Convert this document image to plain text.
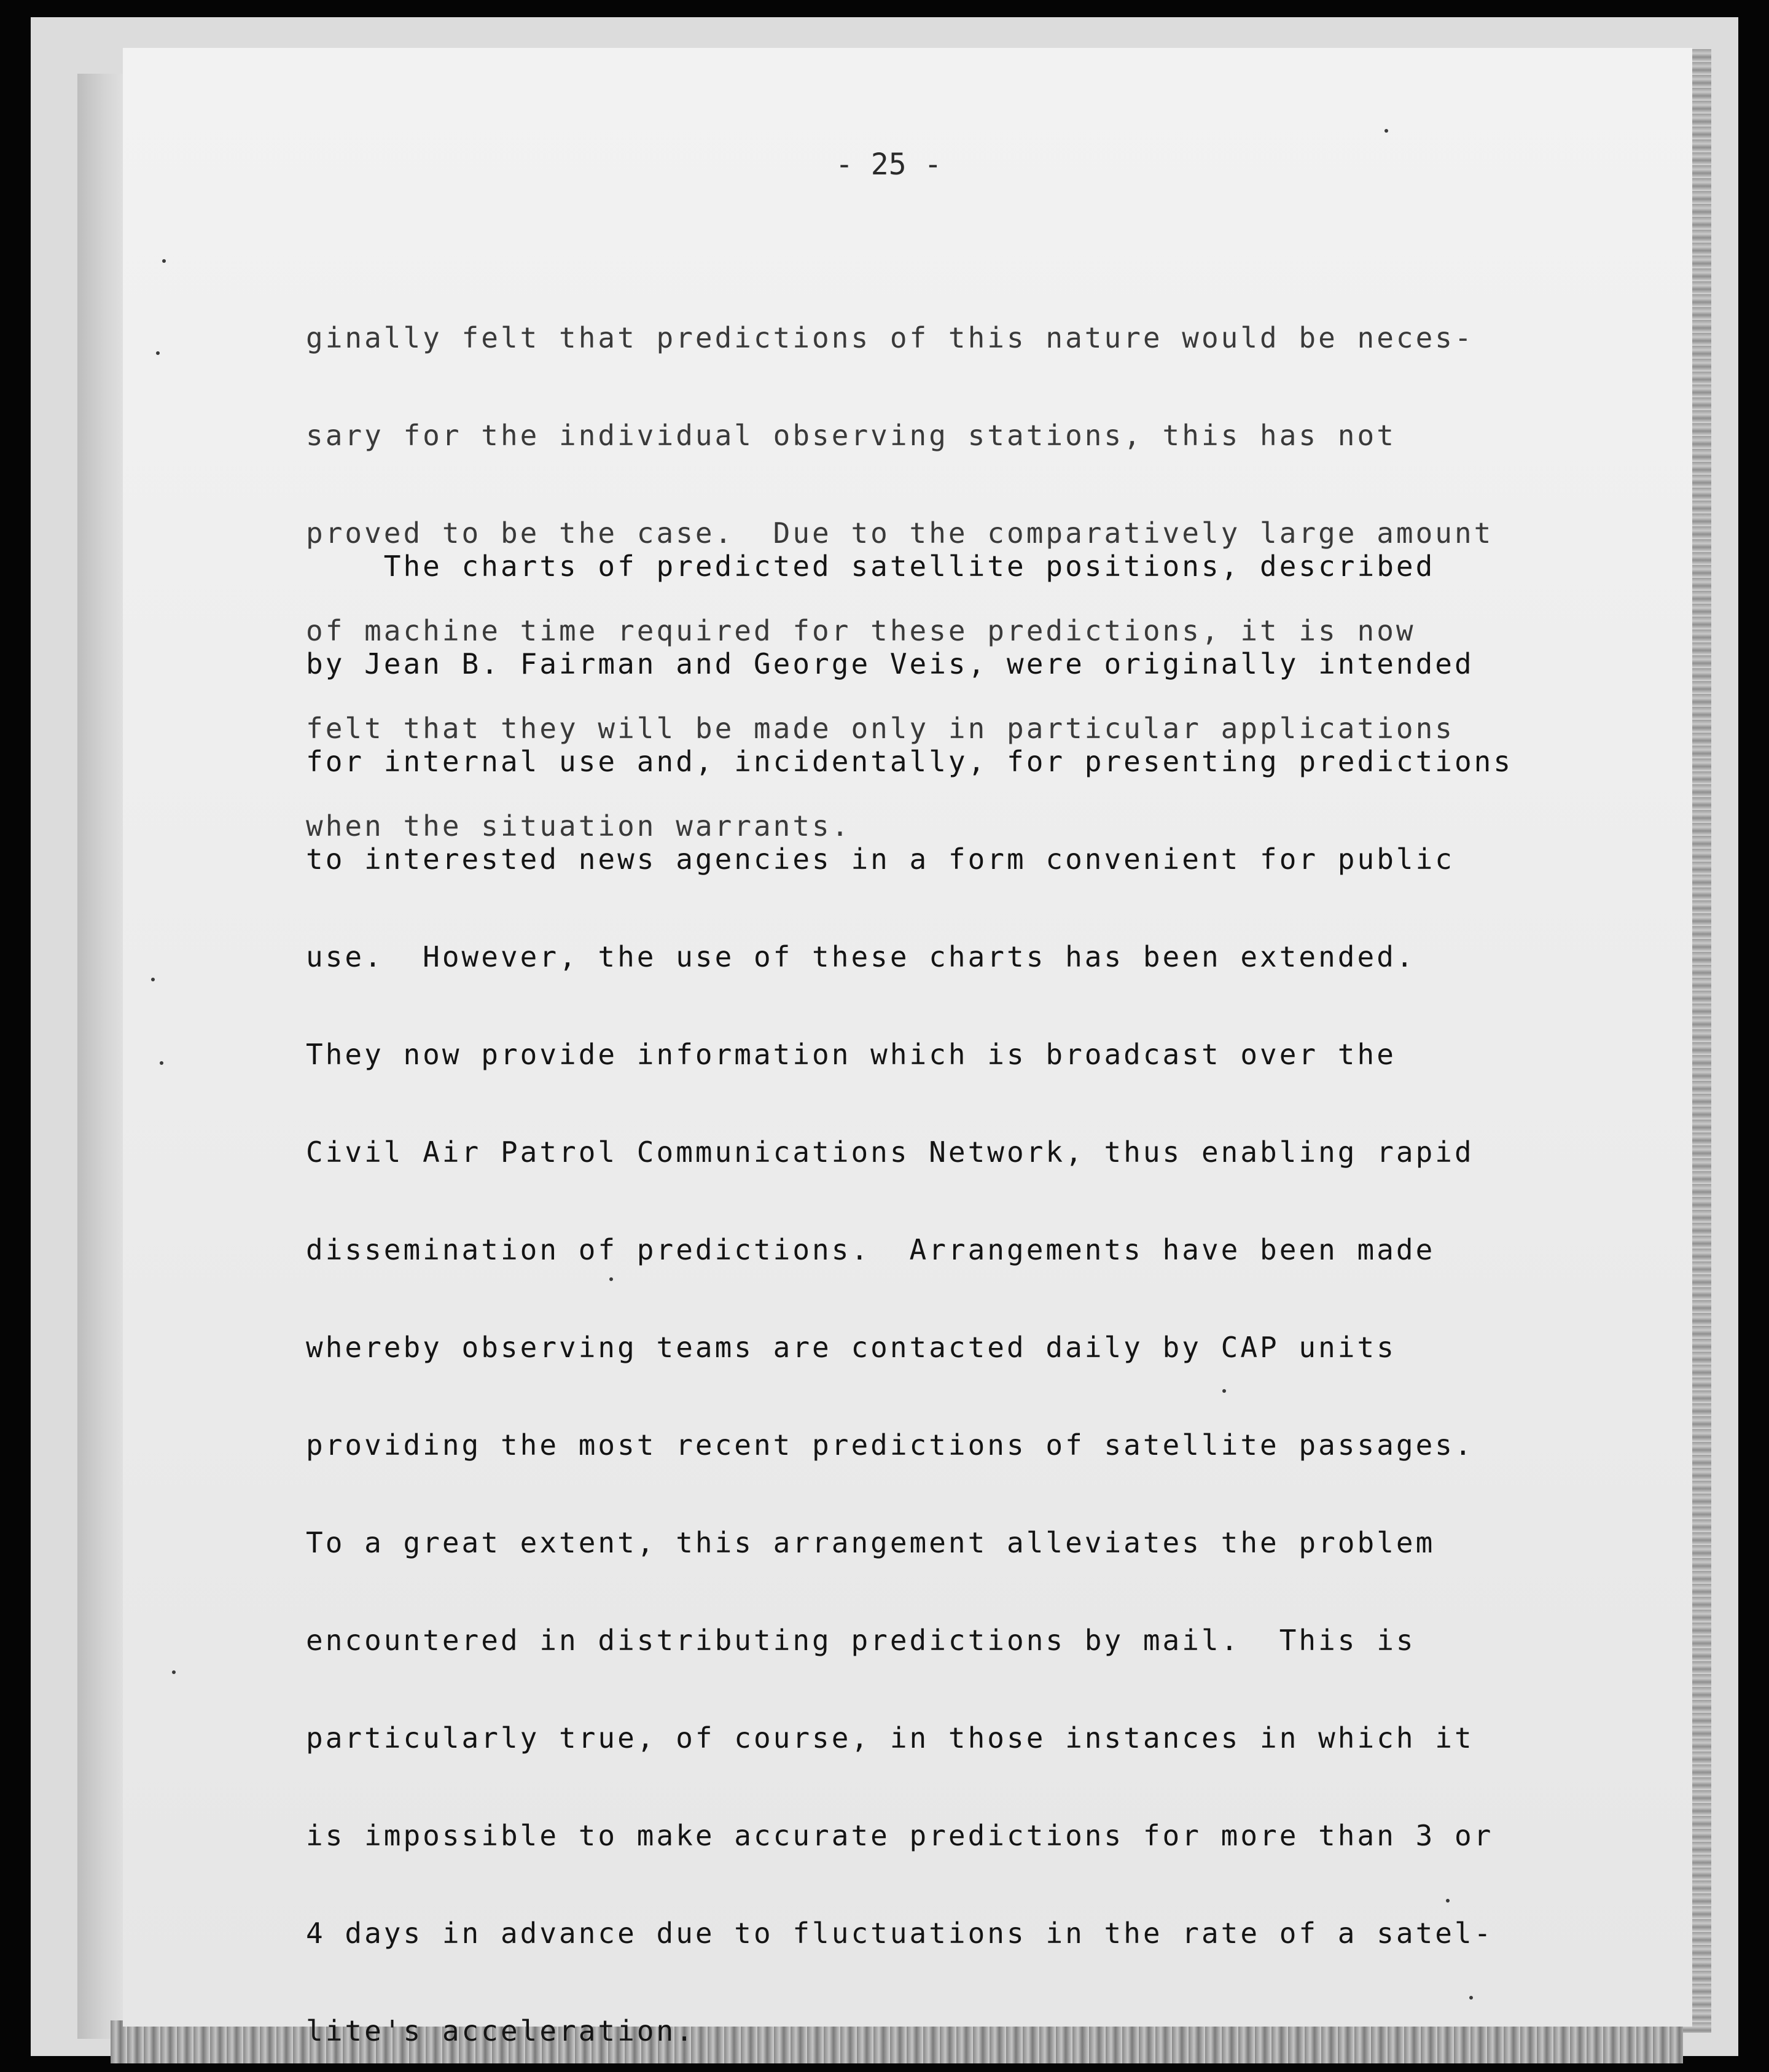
- 25 -

ginally felt that predictions of this nature would be neces-

sary for the individual observing stations, this has not

proved to be the case.  Due to the comparatively large amount

of machine time required for these predictions, it is now

felt that they will be made only in particular applications

when the situation warrants.

The charts of predicted satellite positions, described

by Jean B. Fairman and George Veis, were originally intended

for internal use and, incidentally, for presenting predictions

to interested news agencies in a form convenient for public

use.  However, the use of these charts has been extended.

They now provide information which is broadcast over the

Civil Air Patrol Communications Network, thus enabling rapid

dissemination of predictions.  Arrangements have been made

whereby observing teams are contacted daily by CAP units

providing the most recent predictions of satellite passages.

To a great extent, this arrangement alleviates the problem

encountered in distributing predictions by mail.  This is

particularly true, of course, in those instances in which it

is impossible to make accurate predictions for more than 3 or

4 days in advance due to fluctuations in the rate of a satel-

lite's acceleration.
